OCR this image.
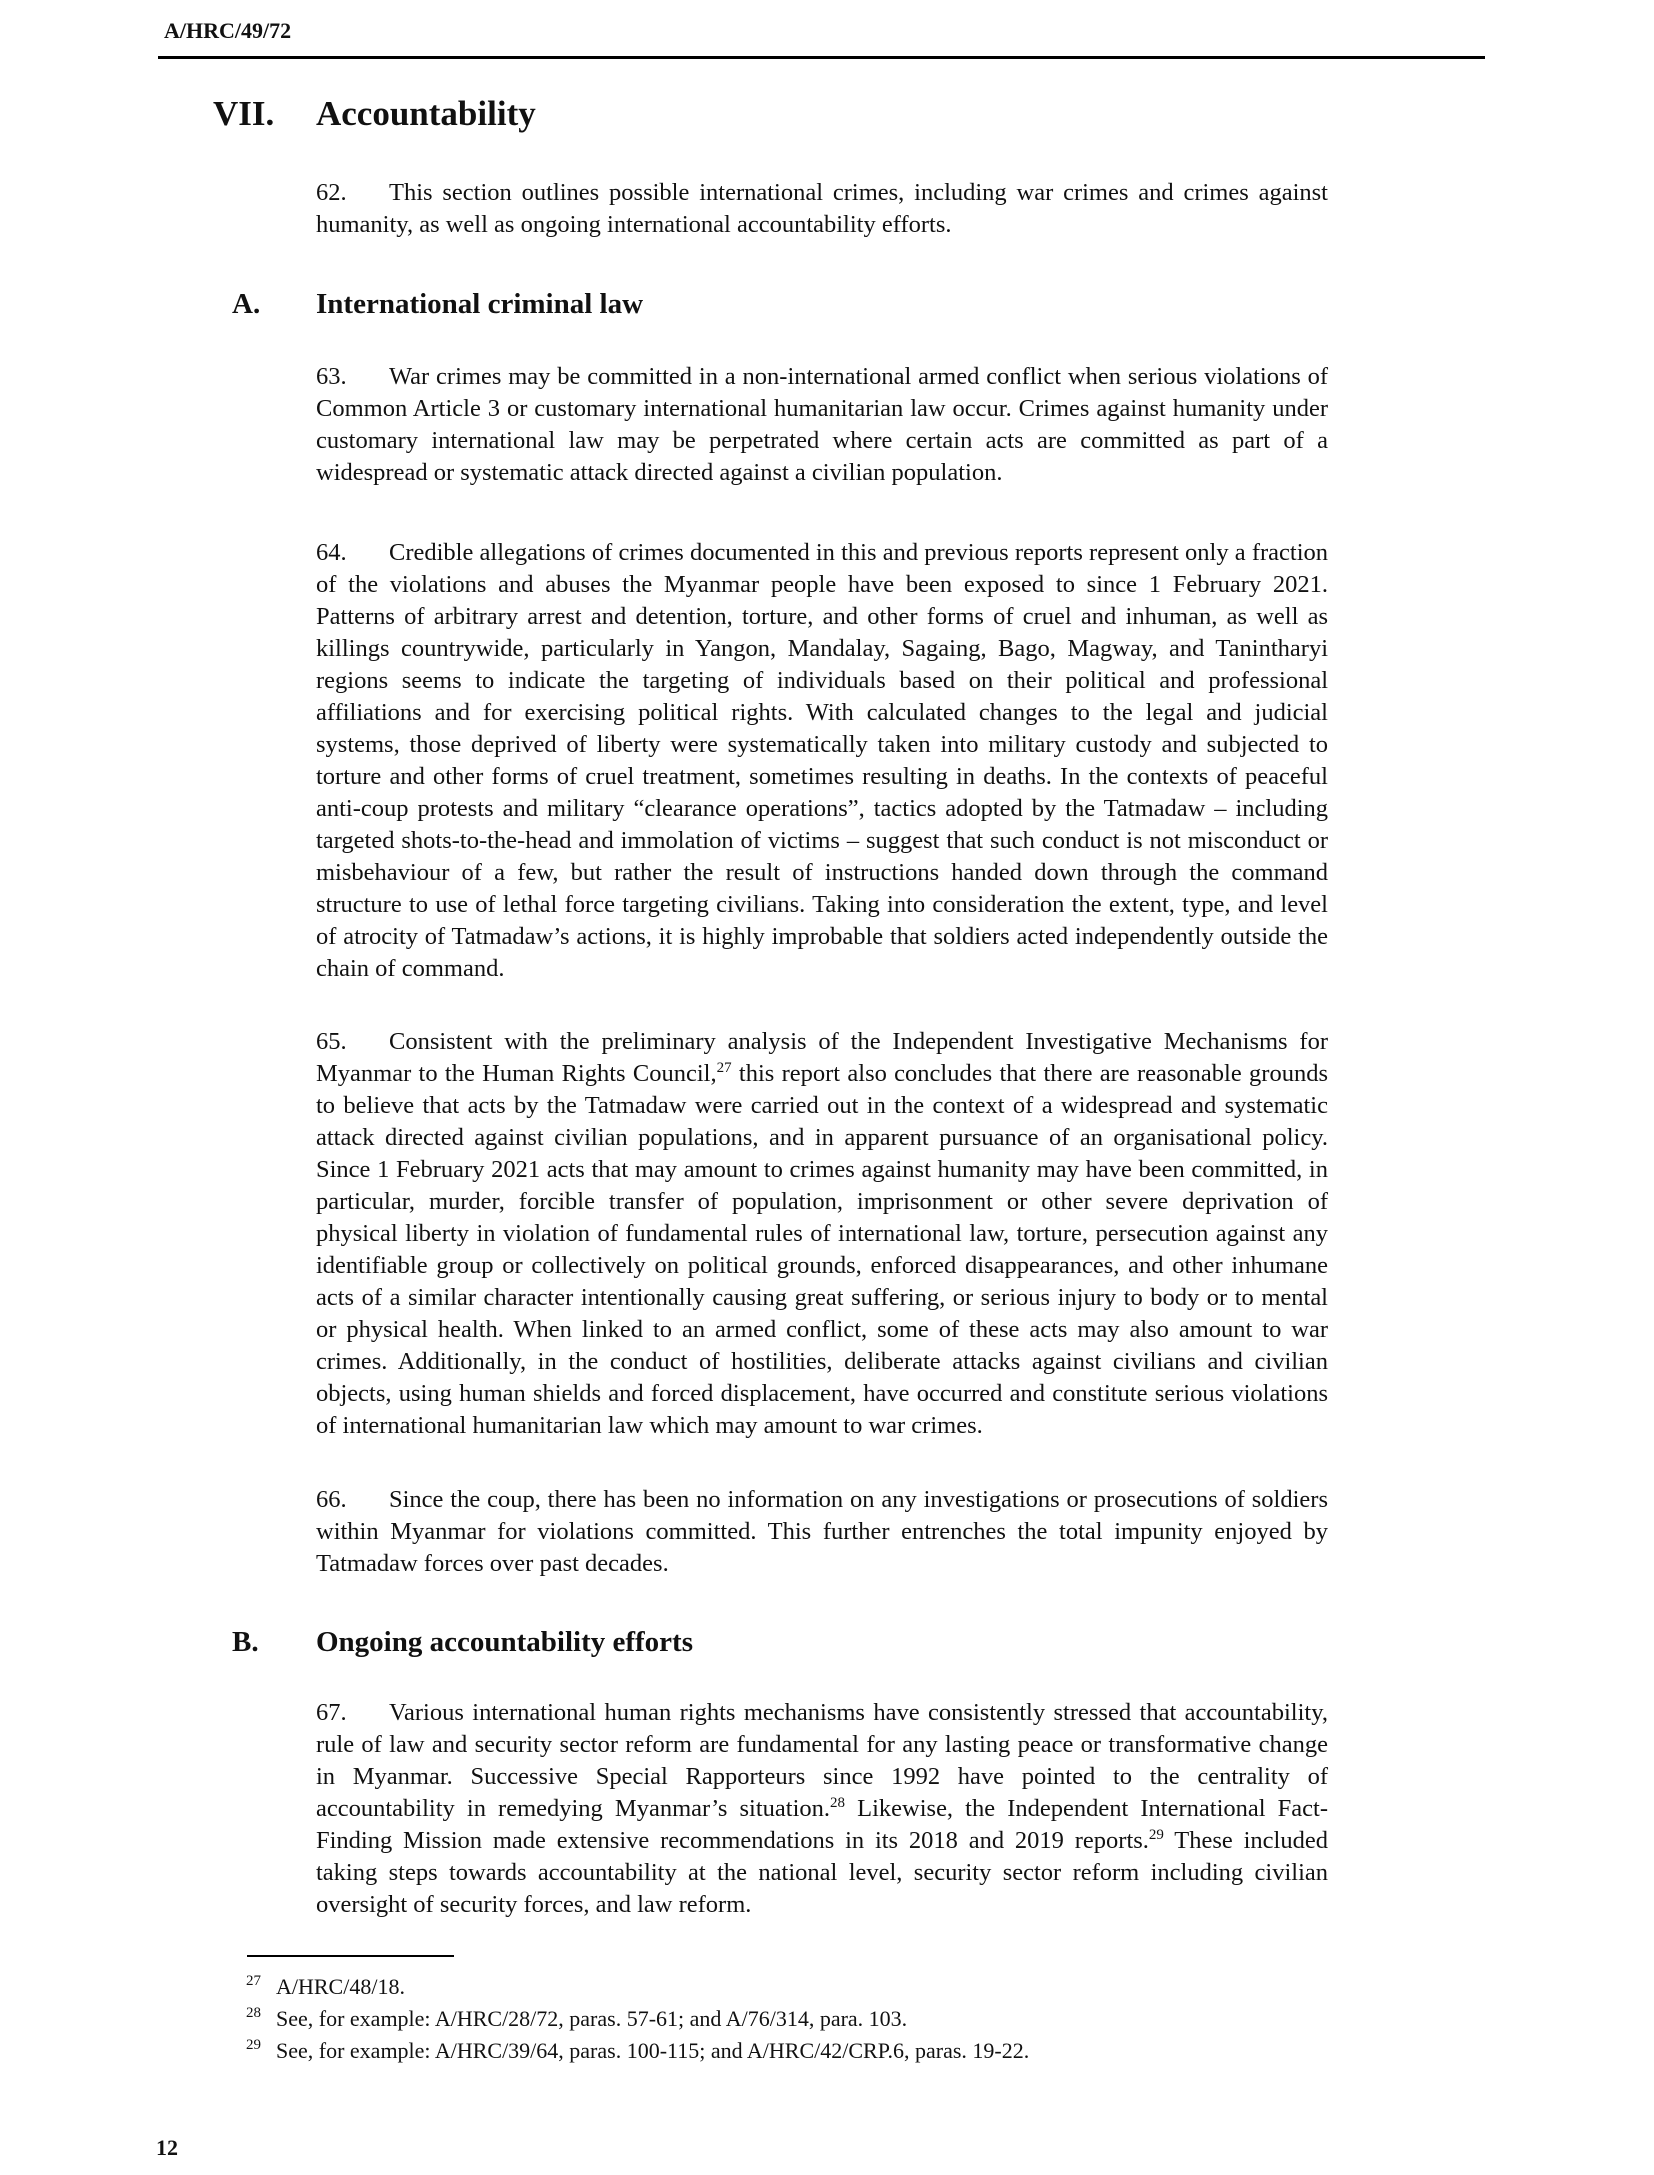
A/HRC/49/72
VII. Accountability

62. This section outlines possible international crimes, including war crimes and crimes against humanity, as well as ongoing international accountability efforts.

A. International criminal law

63. War crimes may be committed in a non-international armed conflict when serious violations of Common Article 3 or customary international humanitarian law occur. Crimes against humanity under customary international law may be perpetrated where certain acts are committed as part of a widespread or systematic attack directed against a civilian population.

64. Credible allegations of crimes documented in this and previous reports represent only a fraction of the violations and abuses the Myanmar people have been exposed to since 1 February 2021. Patterns of arbitrary arrest and detention, torture, and other forms of cruel and inhuman, as well as killings countrywide, particularly in Yangon, Mandalay, Sagaing, Bago, Magway, and Tanintharyi regions seems to indicate the targeting of individuals based on their political and professional affiliations and for exercising political rights. With calculated changes to the legal and judicial systems, those deprived of liberty were systematically taken into military custody and subjected to torture and other forms of cruel treatment, sometimes resulting in deaths. In the contexts of peaceful anti-coup protests and military “clearance operations”, tactics adopted by the Tatmadaw – including targeted shots-to-the-head and immolation of victims – suggest that such conduct is not misconduct or misbehaviour of a few, but rather the result of instructions handed down through the command structure to use of lethal force targeting civilians. Taking into consideration the extent, type, and level of atrocity of Tatmadaw’s actions, it is highly improbable that soldiers acted independently outside the chain of command.

65. Consistent with the preliminary analysis of the Independent Investigative Mechanisms for Myanmar to the Human Rights Council,$^{27}$ this report also concludes that there are reasonable grounds to believe that acts by the Tatmadaw were carried out in the context of a widespread and systematic attack directed against civilian populations, and in apparent pursuance of an organisational policy. Since 1 February 2021 acts that may amount to crimes against humanity may have been committed, in particular, murder, forcible transfer of population, imprisonment or other severe deprivation of physical liberty in violation of fundamental rules of international law, torture, persecution against any identifiable group or collectively on political grounds, enforced disappearances, and other inhumane acts of a similar character intentionally causing great suffering, or serious injury to body or to mental or physical health. When linked to an armed conflict, some of these acts may also amount to war crimes. Additionally, in the conduct of hostilities, deliberate attacks against civilians and civilian objects, using human shields and forced displacement, have occurred and constitute serious violations of international humanitarian law which may amount to war crimes.

66. Since the coup, there has been no information on any investigations or prosecutions of soldiers within Myanmar for violations committed. This further entrenches the total impunity enjoyed by Tatmadaw forces over past decades.

B. Ongoing accountability efforts

67. Various international human rights mechanisms have consistently stressed that accountability, rule of law and security sector reform are fundamental for any lasting peace or transformative change in Myanmar. Successive Special Rapporteurs since 1992 have pointed to the centrality of accountability in remedying Myanmar’s situation.$^{28}$ Likewise, the Independent International Fact-Finding Mission made extensive recommendations in its 2018 and 2019 reports.$^{29}$ These included taking steps towards accountability at the national level, security sector reform including civilian oversight of security forces, and law reform.

27 A/HRC/48/18.
28 See, for example: A/HRC/28/72, paras. 57-61; and A/76/314, para. 103.
29 See, for example: A/HRC/39/64, paras. 100-115; and A/HRC/42/CRP.6, paras. 19-22.
12
